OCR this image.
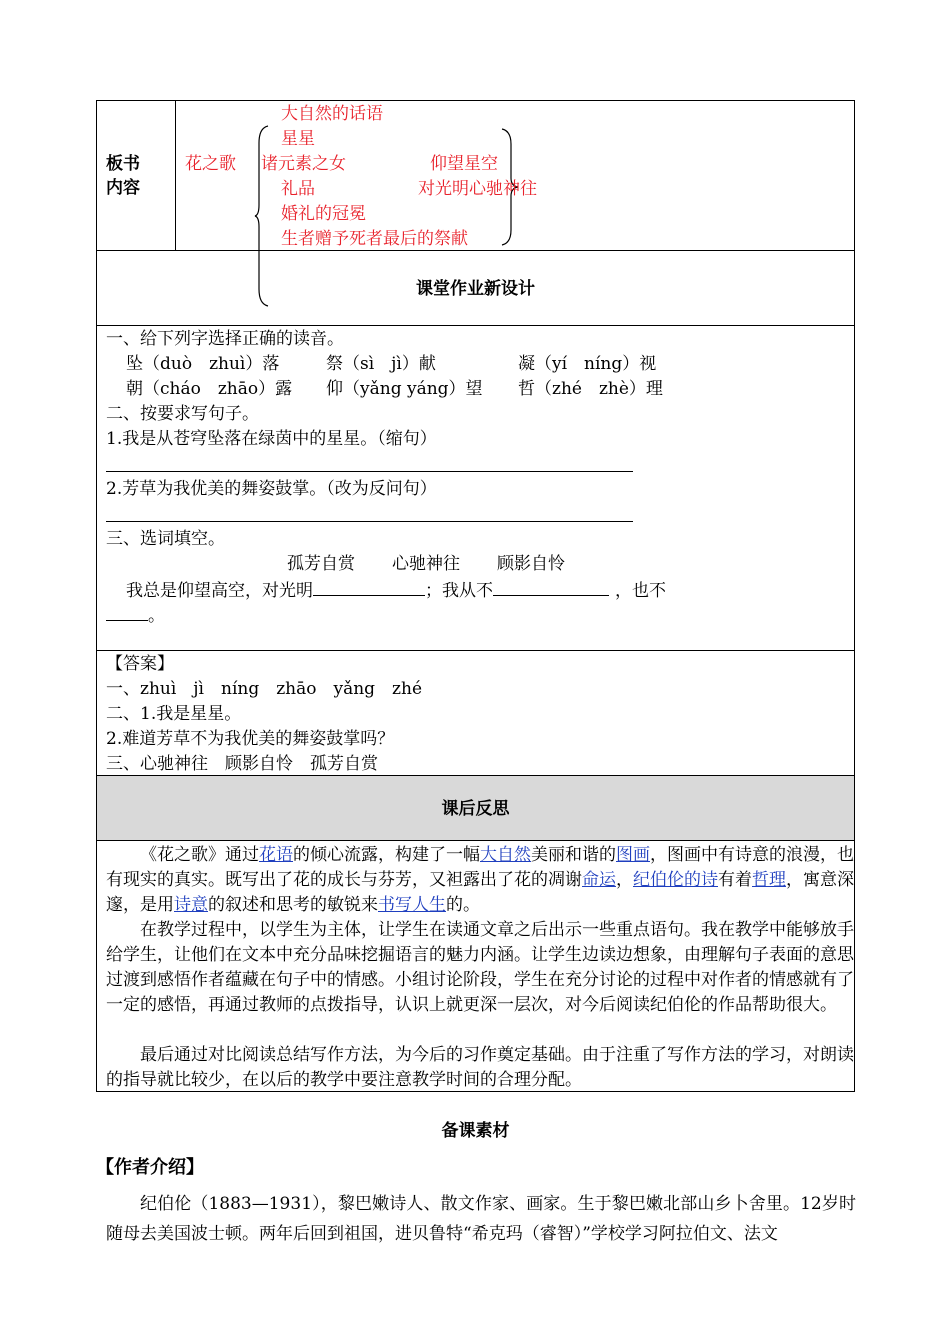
板书
内容
花之歌
大自然的话语
星星
诸元素之女
礼品
婚礼的冠冕
生者赠予死者最后的祭献
仰望星空
对光明心驰神往
课堂作业新设计
一、给下列字选择正确的读音。
坠（duò　zhuì）落	祭（sì　jì）献	凝（yí　níng）视
朝（cháo　zhāo）露 仰（yǎng yáng）望 哲（zhé　zhè）理
二、按要求写句子。
1.我是从苍穹坠落在绿茵中的星星。（缩句）
2.芳草为我优美的舞姿鼓掌。（改为反问句）
三、选词填空。
孤芳自赏 心驰神往 顾影自怜
我总是仰望高空，对光明	；我从不	，也不
。
【答案】
一、zhuì　jì　níng　zhāo　yǎng　zhé
二、1.我是星星。
2.难道芳草不为我优美的舞姿鼓掌吗？
三、心驰神往　顾影自怜　孤芳自赏
课后反思
《花之歌》通过花语的倾心流露，构建了一幅大自然美丽和谐的图画，图画中有诗意的浪漫，也有现实的真实。既写出了花的成长与芬芳，又袒露出了花的凋谢命运，纪伯伦的诗有着哲理，寓意深邃，是用诗意的叙述和思考的敏锐来书写人生的。
在教学过程中，以学生为主体，让学生在读通文章之后出示一些重点语句。我在教学中能够放手给学生，让他们在文本中充分品味挖掘语言的魅力内涵。让学生边读边想象，由理解句子表面的意思过渡到感悟作者蕴藏在句子中的情感。小组讨论阶段，学生在充分讨论的过程中对作者的情感就有了一定的感悟，再通过教师的点拨指导，认识上就更深一层次，对今后阅读纪伯伦的作品帮助很大。
最后通过对比阅读总结写作方法，为今后的习作奠定基础。由于注重了写作方法的学习，对朗读的指导就比较少，在以后的教学中要注意教学时间的合理分配。
备课素材
【作者介绍】
纪伯伦（1883—1931），黎巴嫩诗人、散文作家、画家。生于黎巴嫩北部山乡卜舍里。12岁时随母去美国波士顿。两年后回到祖国，进贝鲁特“希克玛（睿智）”学校学习阿拉伯文、法文
